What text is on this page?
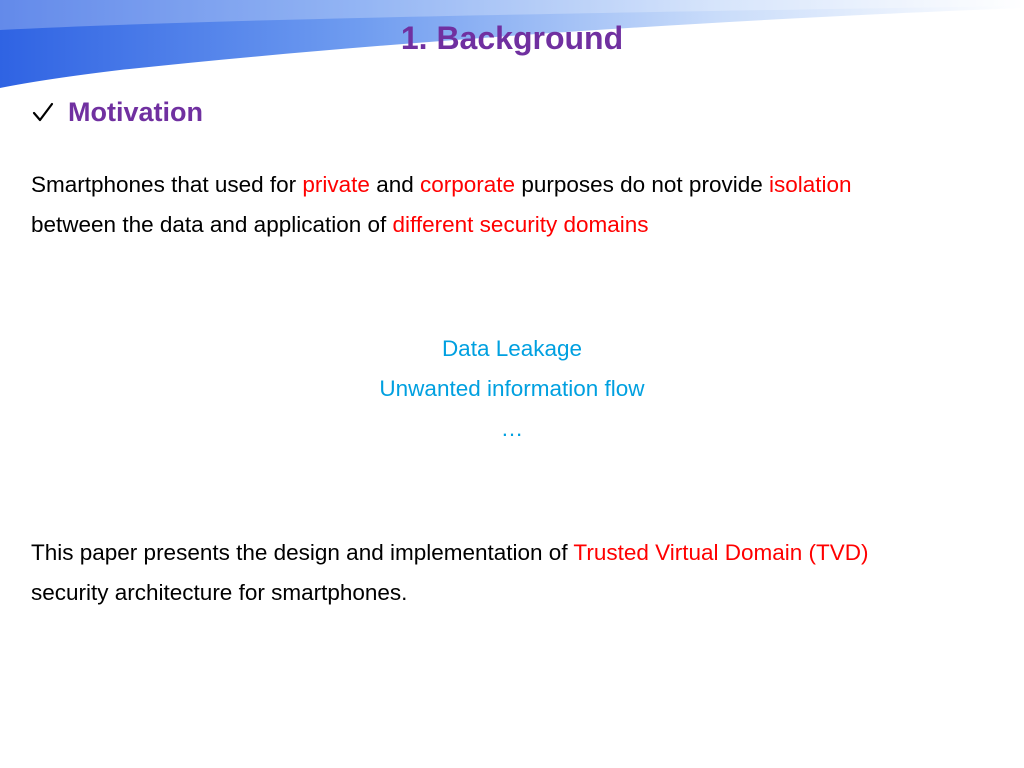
1. Background
Motivation
Smartphones that used for private and corporate purposes do not provide isolation
between the data and application of different security domains
Data Leakage
Unwanted information flow
…
This paper presents the design and implementation of Trusted Virtual Domain (TVD)
security architecture for smartphones.
